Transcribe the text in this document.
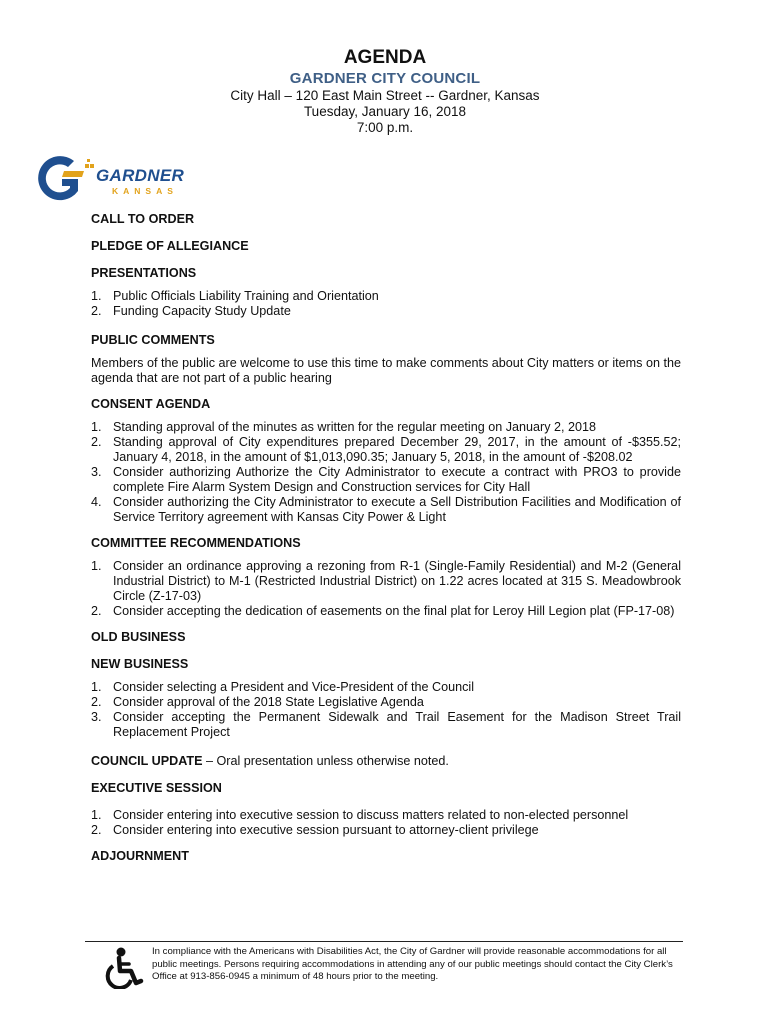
AGENDA

GARDNER CITY COUNCIL

City Hall – 120 East Main Street -- Gardner, Kansas

Tuesday, January 16, 2018

7:00 p.m.

GARDNER
KANSAS

CALL TO ORDER

PLEDGE OF ALLEGIANCE

PRESENTATIONS

1. Public Officials Liability Training and Orientation
2. Funding Capacity Study Update

PUBLIC COMMENTS

Members of the public are welcome to use this time to make comments about City matters or items on the agenda that are not part of a public hearing

CONSENT AGENDA

1. Standing approval of the minutes as written for the regular meeting on January 2, 2018
2. Standing approval of City expenditures prepared December 29, 2017, in the amount of -$355.52; January 4, 2018, in the amount of $1,013,090.35; January 5, 2018, in the amount of -$208.02
3. Consider authorizing Authorize the City Administrator to execute a contract with PRO3 to provide complete Fire Alarm System Design and Construction services for City Hall
4. Consider authorizing the City Administrator to execute a Sell Distribution Facilities and Modification of Service Territory agreement with Kansas City Power & Light

COMMITTEE RECOMMENDATIONS

1. Consider an ordinance approving a rezoning from R-1 (Single-Family Residential) and M-2 (General Industrial District) to M-1 (Restricted Industrial District) on 1.22 acres located at 315 S. Meadowbrook Circle (Z-17-03)
2. Consider accepting the dedication of easements on the final plat for Leroy Hill Legion plat (FP-17-08)

OLD BUSINESS

NEW BUSINESS

1. Consider selecting a President and Vice-President of the Council
2. Consider approval of the 2018 State Legislative Agenda
3. Consider accepting the Permanent Sidewalk and Trail Easement for the Madison Street Trail Replacement Project

COUNCIL UPDATE – Oral presentation unless otherwise noted.

EXECUTIVE SESSION

1. Consider entering into executive session to discuss matters related to non-elected personnel
2. Consider entering into executive session pursuant to attorney-client privilege

ADJOURNMENT

In compliance with the Americans with Disabilities Act, the City of Gardner will provide reasonable accommodations for all public meetings. Persons requiring accommodations in attending any of our public meetings should contact the City Clerk’s Office at 913-856-0945 a minimum of 48 hours prior to the meeting.
